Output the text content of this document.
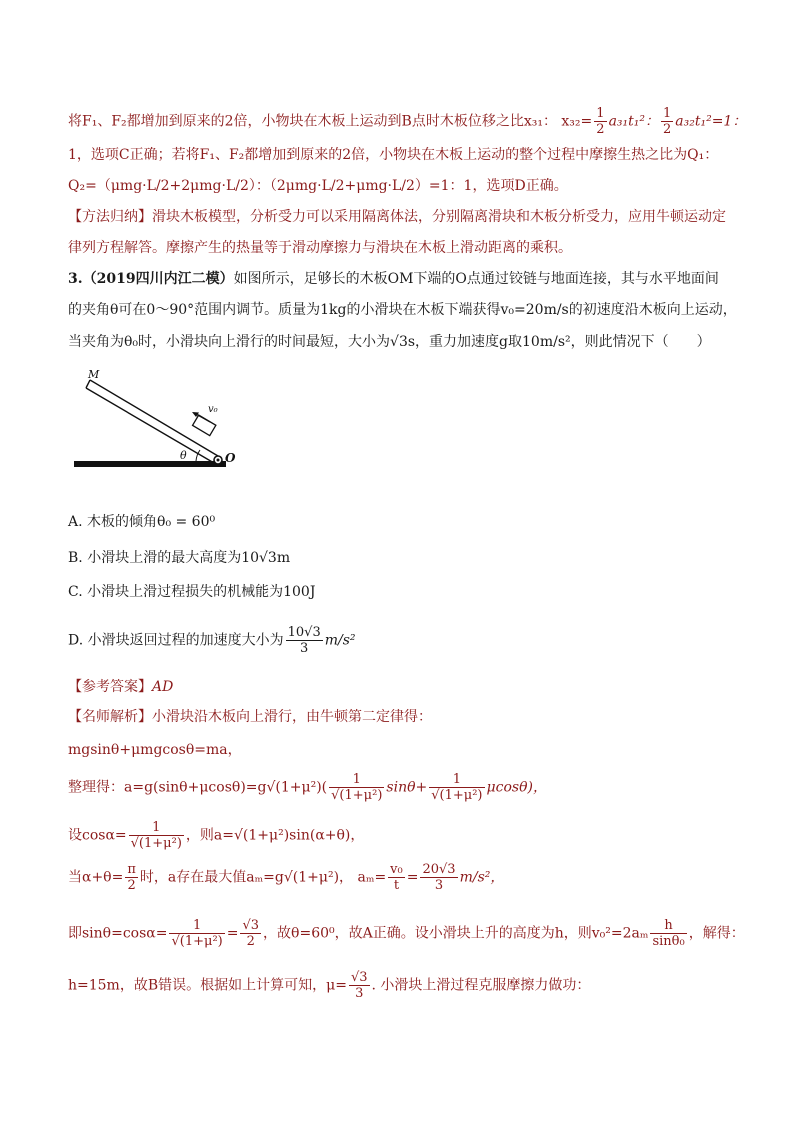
将F₁、F₂都增加到原来的2倍，小物块在木板上运动到B点时木板位移之比x₃₁： $x_{32}= \frac{1}{2} a_{31}t_1^2$： $\frac{1}{2} a_{32}t_1^2=1$：
1，选项C正确；若将F₁、F₂都增加到原来的2倍，小物块在木板上运动的整个过程中摩擦生热之比为Q₁：
Q₂=（μmg·L/2+2μmg·L/2）：（2μmg·L/2+μmg·L/2）=1：1，选项D正确。
【方法归纳】滑块木板模型，分析受力可以采用隔离体法，分别隔离滑块和木板分析受力，应用牛顿运动定
律列方程解答。摩擦产生的热量等于滑动摩擦力与滑块在木板上滑动距离的乘积。
3.（2019四川内江二模）如图所示，足够长的木板OM下端的O点通过铰链与地面连接，其与水平地面间
的夹角θ可在0～90°范围内调节。质量为1kg的小滑块在木板下端获得v₀=20m/s的初速度沿木板向上运动，
当夹角为θ₀时，小滑块向上滑行的时间最短，大小为√3s，重力加速度g取10m/s²，则此情况下（　　）
M
O
θ
v₀
A. 木板的倾角θ₀ = 60⁰
B. 小滑块上滑的最大高度为10√3m
C. 小滑块上滑过程损失的机械能为100J
D. 小滑块返回过程的加速度大小为 $\frac{10√3}{3} m/s^2$
【参考答案】AD
【名师解析】小滑块沿木板向上滑行，由牛顿第二定律得：
mgsinθ+μmgcosθ=ma，
整理得：$a=g(\sin\theta+\mu\cos\theta)=g√(1+\mu^2)( \frac{1}{\text{√(1+μ²)}} \sin\theta+ \frac{1}{\text{√(1+μ²)}} \mu\cos\theta)$，
设$\cos\alpha= \frac{1}{\text{√(1+μ²)}}$ ，则a=√(1+μ²)sin(α+θ)，
当$\alpha+\theta= \frac{\pi}{2}$ 时，a存在最大值aₘ=g√(1+μ²)， $a_m= \frac{\text{v₀}}{t} = \frac{20√3}{3} m/s^2$，
即$\sin\theta=\cos\alpha= \frac{1}{\text{√(1+μ²)}} = \frac{√3}{2}$ ，故θ=60⁰，故A正确。设小滑块上升的高度为h，则$v_0^2=2a_m \frac{h}{\text{sinθ₀}}$ ，解得：
h=15m，故B错误。根据如上计算可知，$\mu= \frac{√3}{3}$ . 小滑块上滑过程克服摩擦力做功：
